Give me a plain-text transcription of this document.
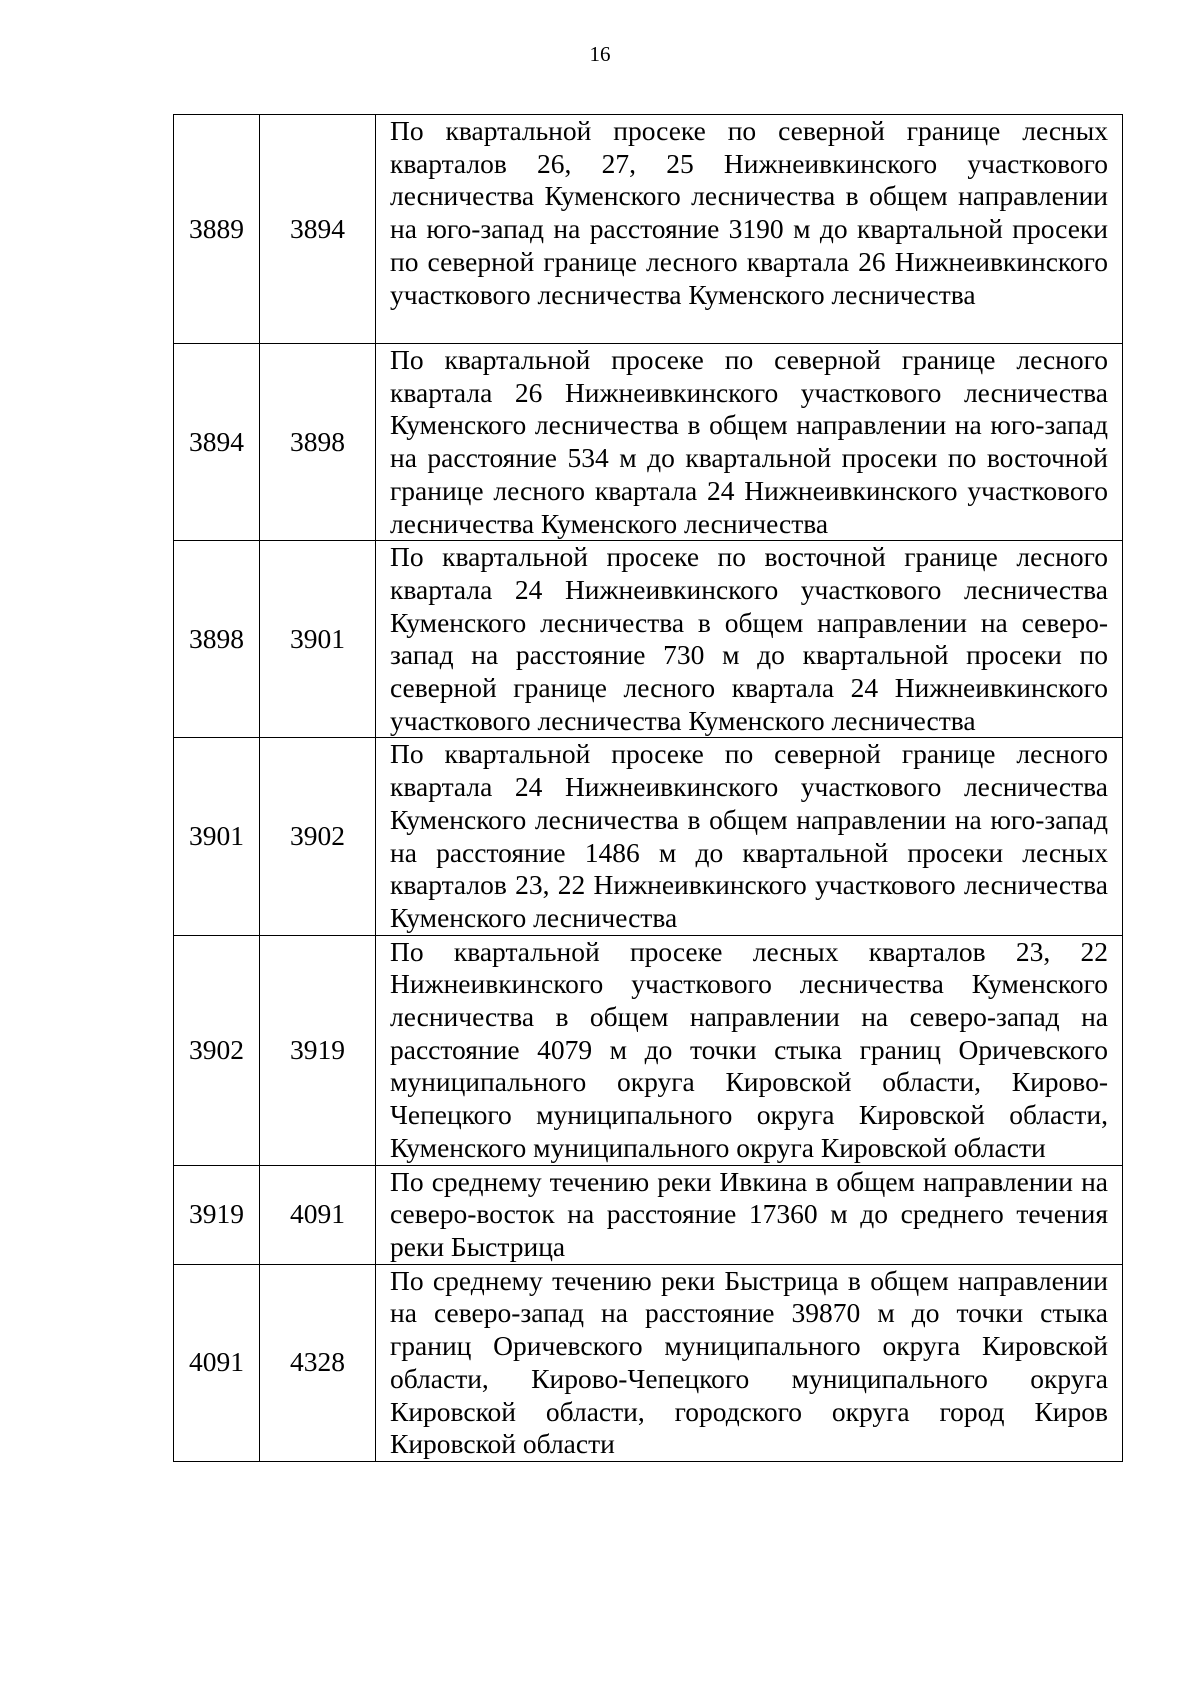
16
3889	3894	По квартальной просеке по северной границе лесных кварталов 26, 27, 25 Нижнеивкинского участкового лесничества Куменского лесничества в общем направлении на юго-запад на расстояние 3190 м до квартальной просеки по северной границе лесного квартала 26 Нижнеивкинского участкового лесничества Куменского лесничества
3894	3898	По квартальной просеке по северной границе лесного квартала 26 Нижнеивкинского участкового лесничества Куменского лесничества в общем направлении на юго-запад на расстояние 534 м до квартальной просеки по восточной границе лесного квартала 24 Нижнеивкинского участкового лесничества Куменского лесничества
3898	3901	По квартальной просеке по восточной границе лесного квартала 24 Нижнеивкинского участкового лесничества Куменского лесничества в общем направлении на северо-запад на расстояние 730 м до квартальной просеки по северной границе лесного квартала 24 Нижнеивкинского участкового лесничества Куменского лесничества
3901	3902	По квартальной просеке по северной границе лесного квартала 24 Нижнеивкинского участкового лесничества Куменского лесничества в общем направлении на юго-запад на расстояние 1486 м до квартальной просеки лесных кварталов 23, 22 Нижнеивкинского участкового лесничества Куменского лесничества
3902	3919	По квартальной просеке лесных кварталов 23, 22 Нижнеивкинского участкового лесничества Куменского лесничества в общем направлении на северо-запад на расстояние 4079 м до точки стыка границ Оричевского муниципального округа Кировской области, Кирово-Чепецкого муниципального округа Кировской области, Куменского муниципального округа Кировской области
3919	4091	По среднему течению реки Ивкина в общем направлении на северо-восток на расстояние 17360 м до среднего течения реки Быстрица
4091	4328	По среднему течению реки Быстрица в общем направлении на северо-запад на расстояние 39870 м до точки стыка границ Оричевского муниципального округа Кировской области, Кирово-Чепецкого муниципального округа Кировской области, городского округа город Киров Кировской области
